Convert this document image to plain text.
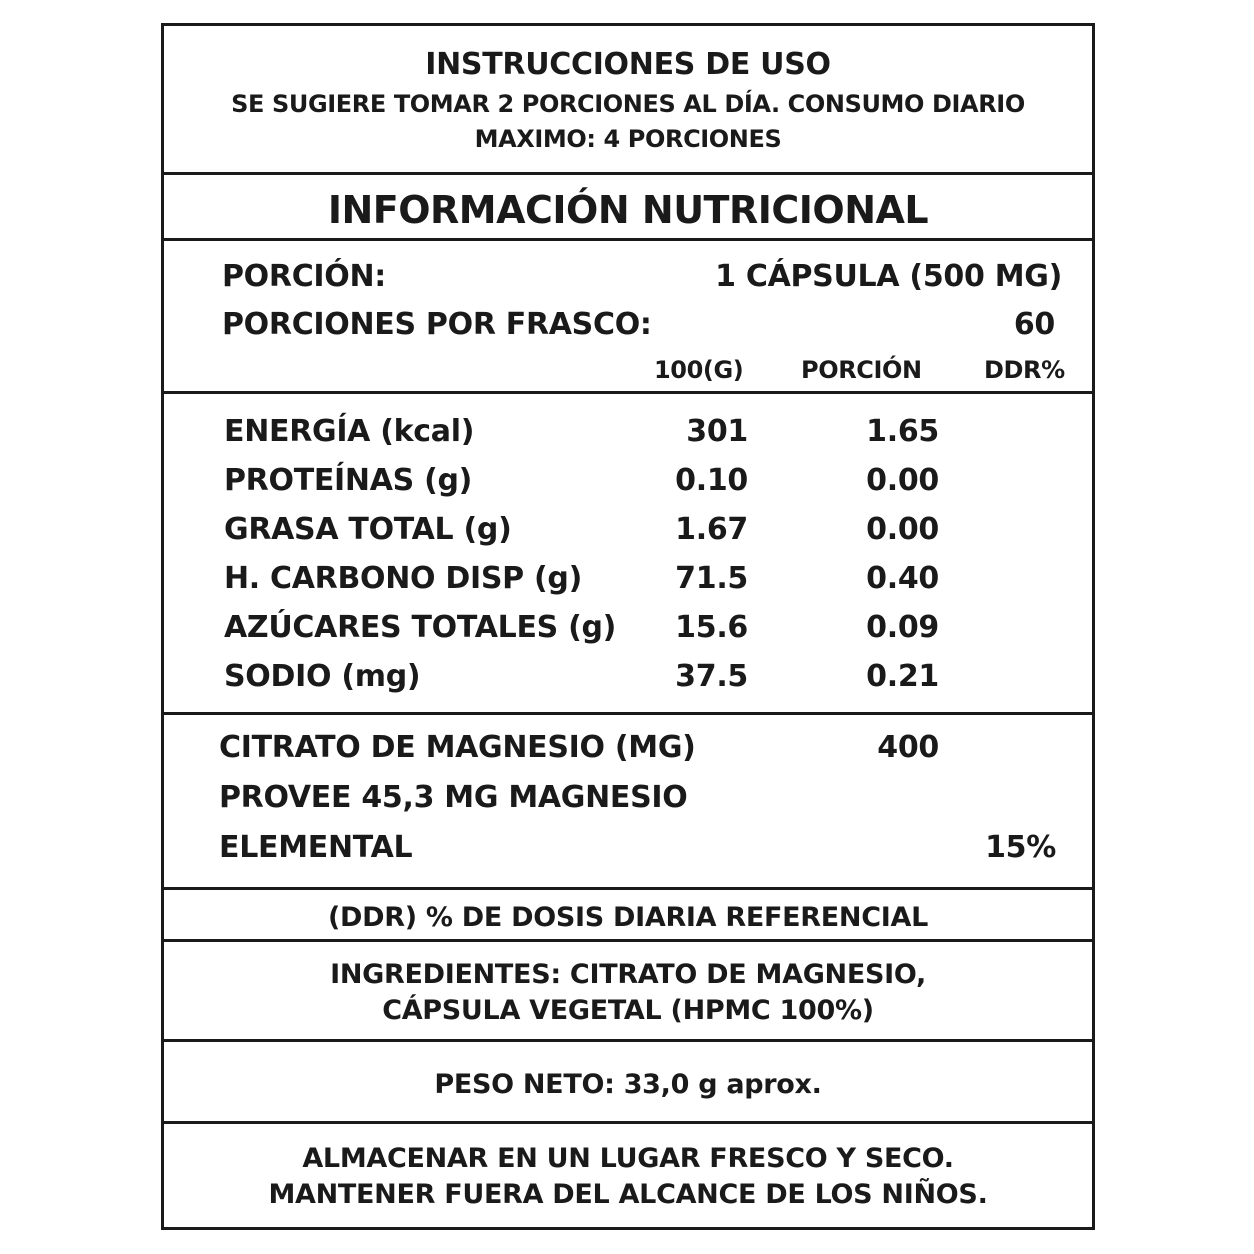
INSTRUCCIONES DE USO
SE SUGIERE TOMAR 2 PORCIONES AL DÍA. CONSUMO DIARIO
MAXIMO: 4 PORCIONES
INFORMACIÓN NUTRICIONAL
PORCIÓN:	1 CÁPSULA (500 MG)
PORCIONES POR FRASCO:	60
100(G) PORCIÓN	DDR%
ENERGÍA (kcal)	301	1.65
PROTEÍNAS (g)	0.10	0.00
GRASA TOTAL (g)	1.67	0.00
H. CARBONO DISP (g)	71.5	0.40
AZÚCARES TOTALES (g) 15.6	0.09
SODIO (mg)	37.5	0.21
CITRATO DE MAGNESIO (MG)	400
PROVEE 45,3 MG MAGNESIO
ELEMENTAL	15%
(DDR) % DE DOSIS DIARIA REFERENCIAL
INGREDIENTES: CITRATO DE MAGNESIO,
CÁPSULA VEGETAL (HPMC 100%)
PESO NETO: 33,0 g aprox.
ALMACENAR EN UN LUGAR FRESCO Y SECO.
MANTENER FUERA DEL ALCANCE DE LOS NIÑOS.
